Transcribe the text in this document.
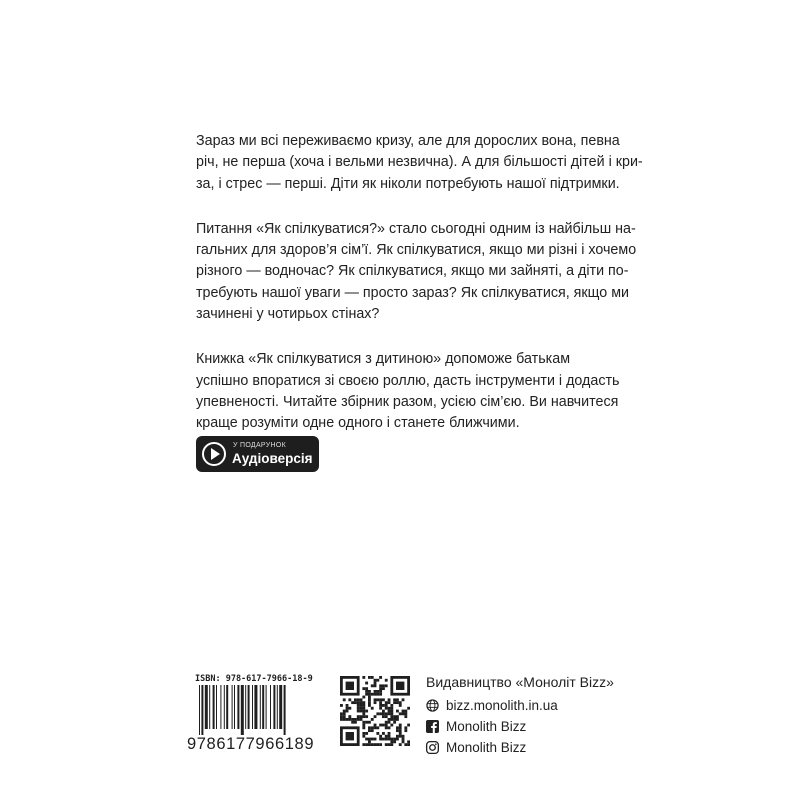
Зараз ми всі переживаємо кризу, але для дорослих вона, певна
річ, не перша (хоча і вельми незвична). А для більшості дітей і кри-
за, і стрес — перші. Діти як ніколи потребують нашої підтримки.

Питання «Як спілкуватися?» стало сьогодні одним із найбільш на-
гальних для здоров’я сім’ї. Як спілкуватися, якщо ми різні і хочемо
різного — водночас? Як спілкуватися, якщо ми зайняті, а діти по-
требують нашої уваги — просто зараз? Як спілкуватися, якщо ми
зачинені у чотирьох стінах?

Книжка «Як спілкуватися з дитиною» допоможе батькам
успішно впоратися зі своєю роллю, дасть інструменти і додасть
упевненості. Читайте збірник разом, усією сім’єю. Ви навчитеся
краще розуміти одне одного і станете ближчими.

У ПОДАРУНОК
Аудіоверсія
ISBN: 978-617-7966-18-9
9786177966189
Видавництво «Моноліт Bizz»
bizz.monolith.in.ua
Monolith Bizz
Monolith Bizz
